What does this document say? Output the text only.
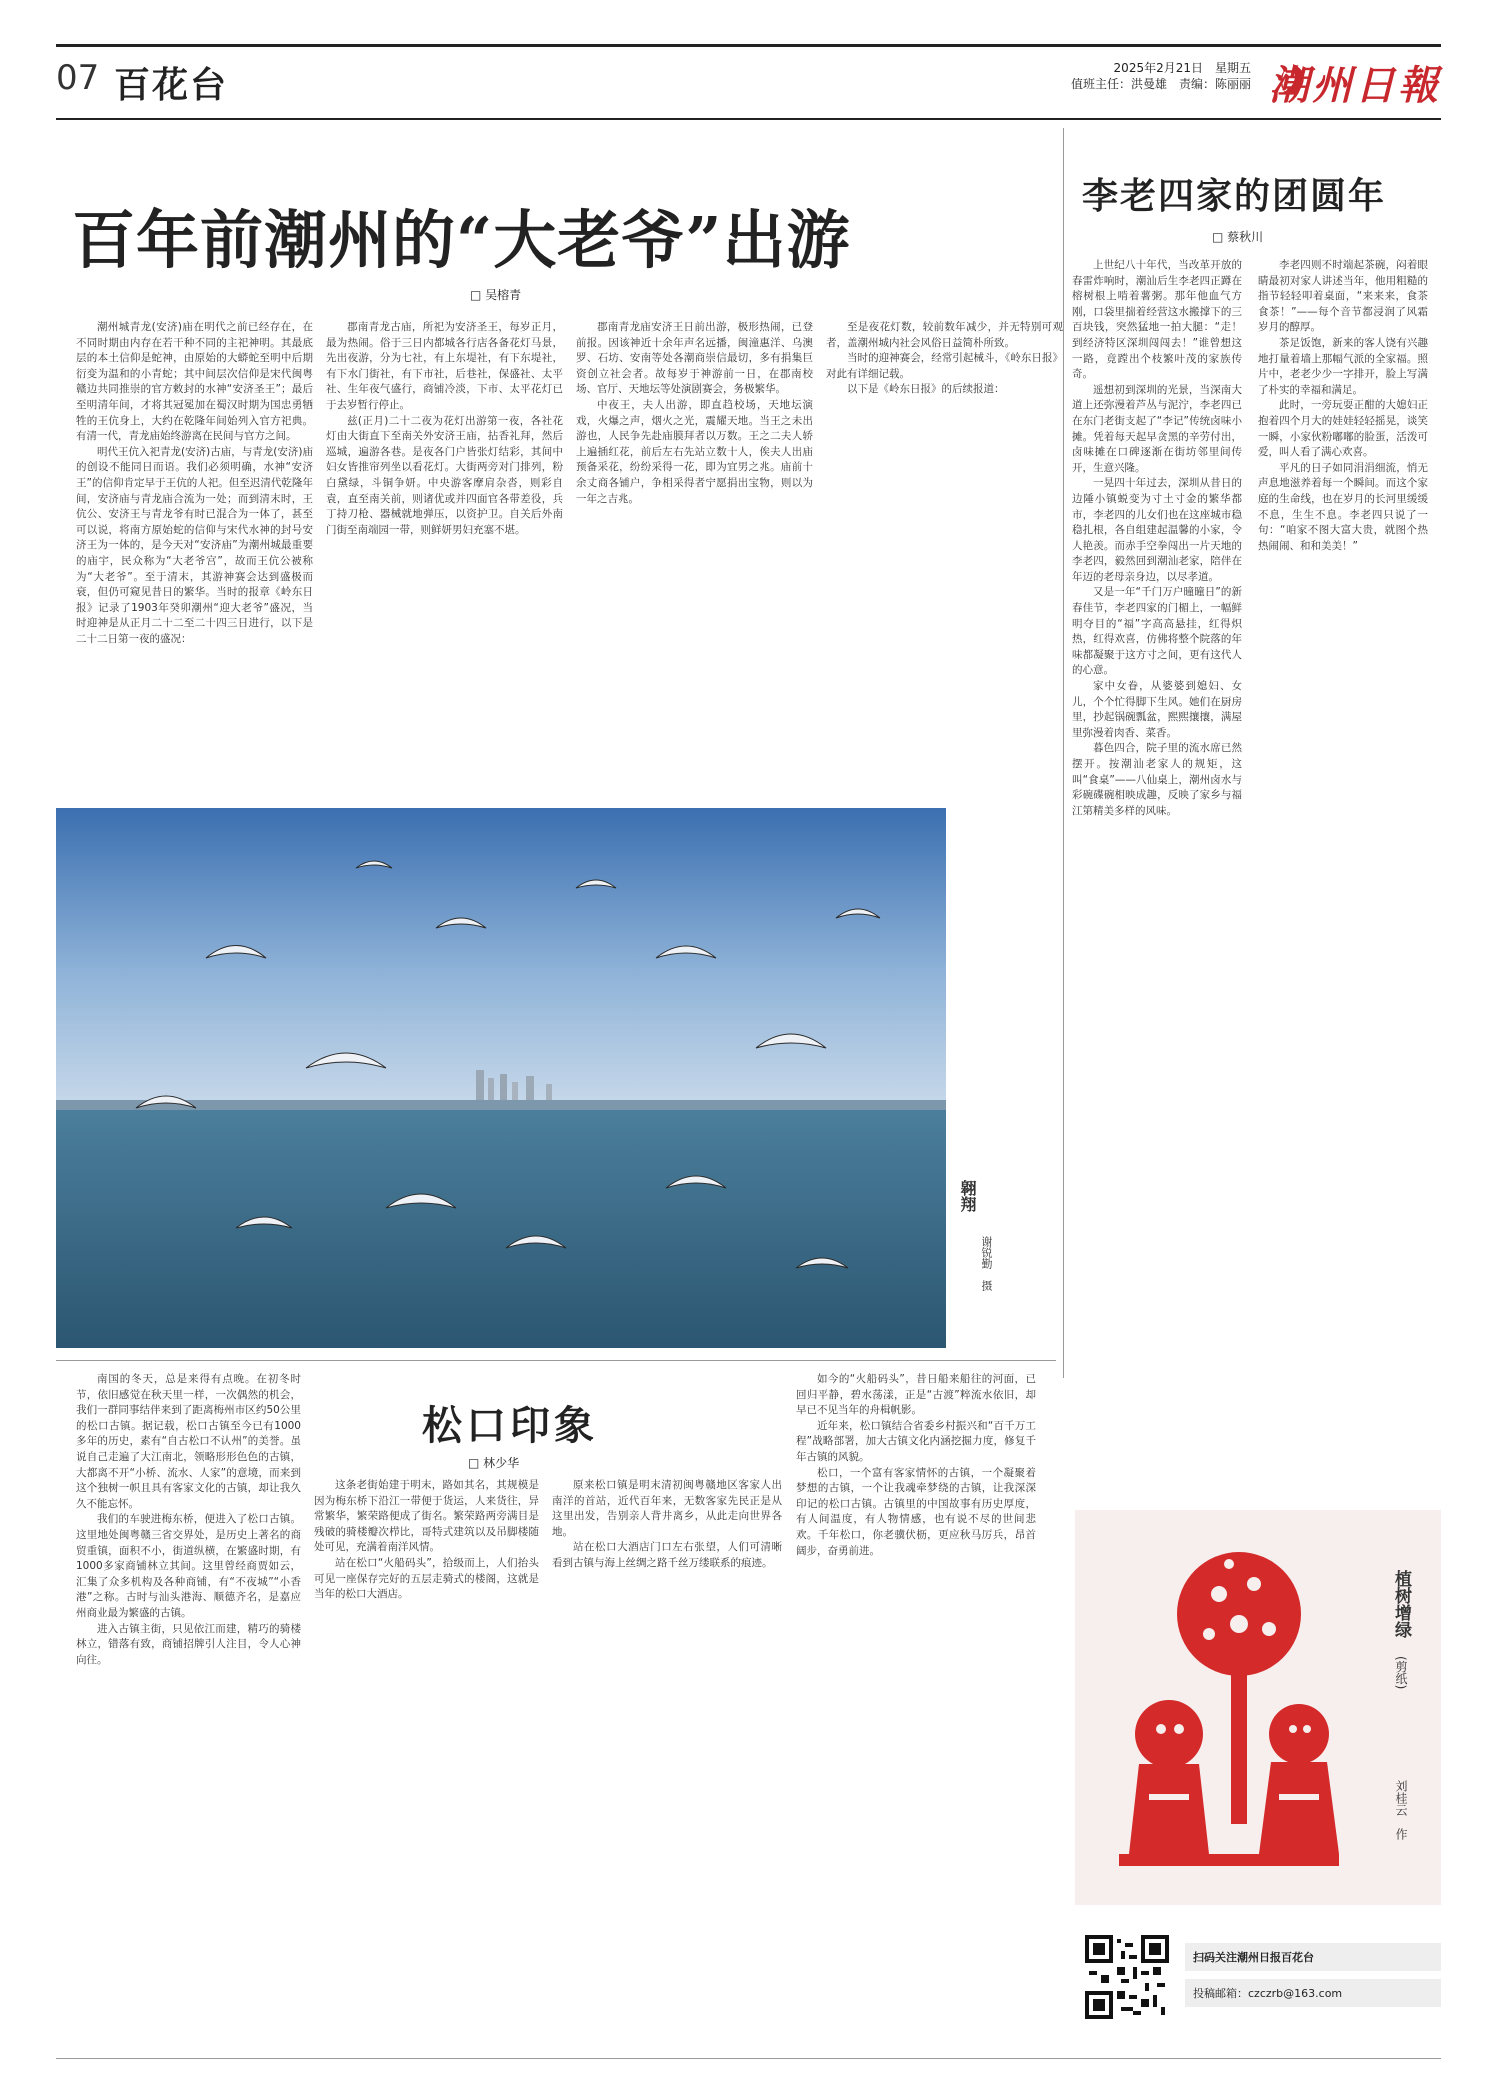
07 百花台	2025年2月21日　星期五
值班主任：洪曼雄　责编：陈丽丽 潮州日報
百年前潮州的“大老爷”出游
□ 吴榕青

潮州城青龙(安济)庙在明代之前已经存在，在不同时期由内存在若干种不同的主祀神明。其最底层的本土信仰是蛇神，由原始的大蟒蛇至明中后期衍变为温和的小青蛇；其中间层次信仰是宋代闽粤赣边共同推崇的官方敕封的水神“安济圣王”；最后至明清年间，才将其冠冕加在蜀汉时期为国忠勇牺牲的王伉身上，大约在乾隆年间始列入官方祀典。有清一代，青龙庙始终游离在民间与官方之间。

明代王伉入祀青龙(安济)古庙，与青龙(安济)庙的创设不能同日而语。我们必须明确，水神“安济王”的信仰肯定早于王伉的人祀。但至迟清代乾隆年间，安济庙与青龙庙合流为一处；而到清末时，王伉公、安济王与青龙爷有时已混合为一体了，甚至可以说，将南方原始蛇的信仰与宋代水神的封号安济王为一体的，是今天对“安济庙”为潮州城最重要的庙宇，民众称为“大老爷宫”，故而王伉公被称为“大老爷”。至于清末，其游神赛会达到盛极而衰，但仍可窥见昔日的繁华。当时的报章《岭东日报》记录了1903年癸卯潮州“迎大老爷”盛况，当时迎神是从正月二十二至二十四三日进行，以下是二十二日第一夜的盛况：

郡南青龙古庙，所祀为安济圣王，每岁正月，最为热闹。俗于三日内都城各行店各备花灯马景，先出夜游，分为七社，有上东堤社，有下东堤社，有下水门街社，有下市社，后巷社，保盛社、太平社、生年夜气盛行，商铺冷淡，下市、太平花灯已于去岁暂行停止。

兹(正月)二十二夜为花灯出游第一夜，各社花灯由大街直下至南关外安济王庙，拈香礼拜，然后巡城，遍游各巷。是夜各门户皆张灯结彩，其间中妇女皆推帘列坐以看花灯。大街两旁对门排列，粉白黛绿，斗铜争妍。中央游客摩肩杂沓，则彩自袁，直至南关前，则诸优或并四面官各带差役，兵丁持刀枪、器械就地弹压，以资护卫。自关后外南门街至南端园一带，则鲜妍男妇充塞不堪。

郡南青龙庙安济王日前出游，极形热闹，已登前报。因该神近十余年声名远播，闽潼惠洋、乌澳罗、石坊、安南等处各潮商崇信最切，多有捐集巨资创立社会者。故每岁于神游前一日，在郡南校场、官厅、天地坛等处演剧赛会，务极繁华。

中夜王，夫人出游，即直趋校场，天地坛演戏，火爆之声，烟火之光，震耀天地。当王之未出游也，人民争先赴庙膜拜者以万数。王之二夫人轿上遍插红花，前后左右先站立数十人，俟夫人出庙预备采花，纷纷采得一花，即为宜男之兆。庙前十余丈商各铺户，争相采得者宁愿捐出宝物，则以为一年之吉兆。

至是夜花灯数，较前数年减少，并无特别可观者，盖潮州城内社会风俗日益简朴所致。

当时的迎神赛会，经常引起械斗，《岭东日报》对此有详细记载。

以下是《岭东日报》的后续报道：

翱翔
谢锐勤　摄
李老四家的团圆年
□ 蔡秋川

上世纪八十年代，当改革开放的春雷炸响时，潮汕后生李老四正蹲在榕树根上啃着薯粥。那年他血气方刚，口袋里揣着经营这水搬撑下的三百块钱，突然猛地一拍大腿：“走！到经济特区深圳闯闯去！”谁曾想这一路，竟蹚出个枝繁叶茂的家族传奇。

遥想初到深圳的光景，当深南大道上还弥漫着芦丛与泥泞，李老四已在东门老街支起了“李记”传统卤味小摊。凭着每天起早贪黑的辛劳付出，卤味摊在口碑逐渐在街坊邻里间传开，生意兴隆。

一晃四十年过去，深圳从昔日的边陲小镇蜕变为寸土寸金的繁华都市，李老四的儿女们也在这座城市稳稳扎根，各自组建起温馨的小家，令人艳羡。而赤手空拳闯出一片天地的李老四，毅然回到潮汕老家，陪伴在年迈的老母亲身边，以尽孝道。

又是一年“千门万户曈曈日”的新春佳节，李老四家的门楣上，一幅鲜明夺目的“福”字高高悬挂，红得炽热，红得欢喜，仿佛将整个院落的年味都凝聚于这方寸之间，更有这代人的心意。

家中女眷，从婆婆到媳妇、女儿，个个忙得脚下生风。她们在厨房里，抄起锅碗瓢盆，熙熙攘攘，满屋里弥漫着肉香、菜香。

暮色四合，院子里的流水席已然摆开。按潮汕老家人的规矩，这叫“食桌”——八仙桌上，潮州卤水与彩碗碟碗相映成趣，反映了家乡与福江第精美多样的风味。

李老四则不时端起茶碗，闷着眼睛最初对家人讲述当年，他用粗糙的指节轻轻叩着桌面，“来来来，食茶食茶！”——每个音节都浸润了风霜岁月的醇厚。

茶足饭饱，新来的客人饶有兴趣地打量着墙上那幅气派的全家福。照片中，老老少少一字排开，脸上写满了朴实的幸福和满足。

此时，一旁玩耍正酣的大媳妇正抱着四个月大的娃娃轻轻摇晃，谈笑一瞬，小家伙粉嘟嘟的脸蛋，活泼可爱，叫人看了满心欢喜。

平凡的日子如同涓涓细流，悄无声息地滋养着每一个瞬间。而这个家庭的生命线，也在岁月的长河里缓缓不息，生生不息。李老四只说了一句：“咱家不图大富大贵，就图个热热闹闹、和和美美！”

松口印象
□ 林少华

南国的冬天，总是来得有点晚。在初冬时节，依旧感觉在秋天里一样，一次偶然的机会，我们一群同事结伴来到了距离梅州市区约50公里的松口古镇。据记载，松口古镇至今已有1000多年的历史，素有“自古松口不认州”的美誉。虽说自己走遍了大江南北，领略形形色色的古镇，大都离不开“小桥、流水、人家”的意境，而来到这个独树一帜且具有客家文化的古镇，却让我久久不能忘怀。

我们的车驶进梅东桥，便进入了松口古镇。这里地处闽粤赣三省交界处，是历史上著名的商贸重镇，面积不小，街道纵横，在繁盛时期，有1000多家商铺林立其间。这里曾经商贾如云，汇集了众多机构及各种商铺，有“不夜城”“小香港”之称。古时与汕头港海、顺德齐名，是嘉应州商业最为繁盛的古镇。

进入古镇主街，只见依江而建，精巧的骑楼林立，错落有致，商铺招牌引人注目，令人心神向往。

这条老街始建于明末，路如其名，其规模是因为梅东桥下沿江一带便于货运，人来货往，异常繁华，繁荣路便成了街名。繁荣路两旁满目是残破的骑楼瓣次栉比，哥特式建筑以及吊脚楼随处可见，充满着南洋风情。

站在松口“火船码头”，拾级而上，人们抬头可见一座保存完好的五层走骑式的楼阁，这就是当年的松口大酒店。

原来松口镇是明末清初闽粤赣地区客家人出南洋的首站，近代百年来，无数客家先民正是从这里出发，告别亲人背井离乡，从此走向世界各地。

站在松口大酒店门口左右张望，人们可清晰看到古镇与海上丝绸之路千丝万缕联系的痕迹。

如今的“火船码头”，昔日船来船往的河面，已回归平静，碧水荡漾，正是“古渡”粹流水依旧，却早已不见当年的舟楫帆影。

近年来，松口镇结合省委乡村振兴和“百千万工程”战略部署，加大古镇文化内涵挖掘力度，修复千年古镇的风貌。

松口，一个富有客家情怀的古镇，一个凝聚着梦想的古镇，一个让我魂牵梦绕的古镇，让我深深印记的松口古镇。古镇里的中国故事有历史厚度，有人间温度，有人物情感，也有说不尽的世间悲欢。千年松口，你老骥伏枥，更应秋马厉兵，昂首阔步，奋勇前进。

植树增绿
(剪纸)
刘桂云　作
扫码关注潮州日报百花台
投稿邮箱：czczrb@163.com
